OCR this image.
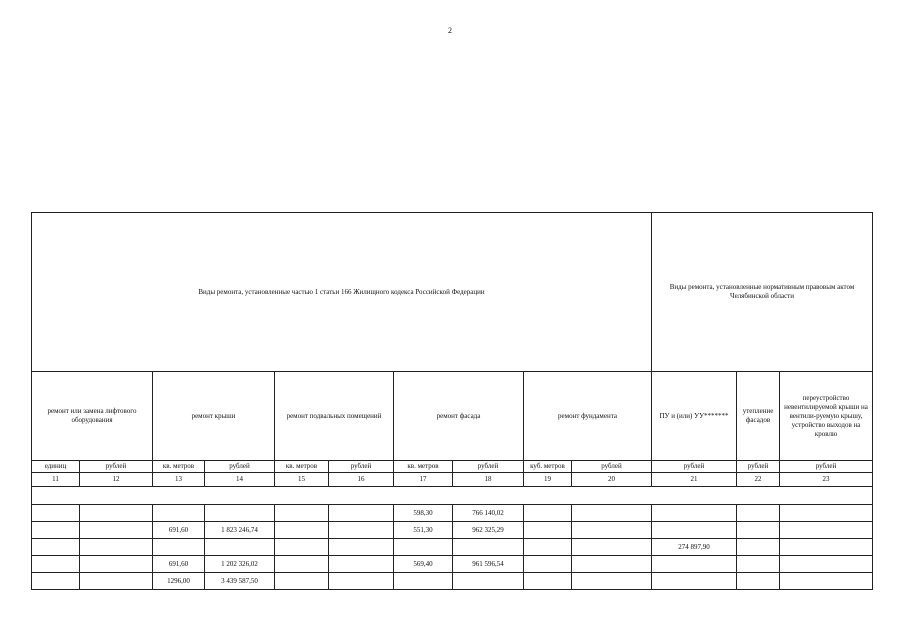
2
Виды ремонта, установленные частью 1 статьи 166 Жилищного кодекса Российской Федерации										Виды ремонта, установленные нормативным правовым актом Челябинской области		
ремонт или замена лифтового оборудования		ремонт крыши		ремонт подвальных помещений		ремонт фасада		ремонт фундамента		ПУ и (или) УУ*******	утепление фасадов	переустройство невентилируемой крыши на вентили-руемую крышу, устройство выходов на кровлю
единиц	рублей	кв. метров	рублей	кв. метров	рублей	кв. метров	рублей	куб. метров	рублей	рублей	рублей	рублей
11	12	13	14	15	16	17	18	19	20	21	22	23

						598,30	766 140,02					
		691,60	1 823 246,74			551,30	962 325,29					
										274 897,90		
		691,60	1 202 326,02			569,40	961 596,54					
		1296,00	3 439 587,50									
